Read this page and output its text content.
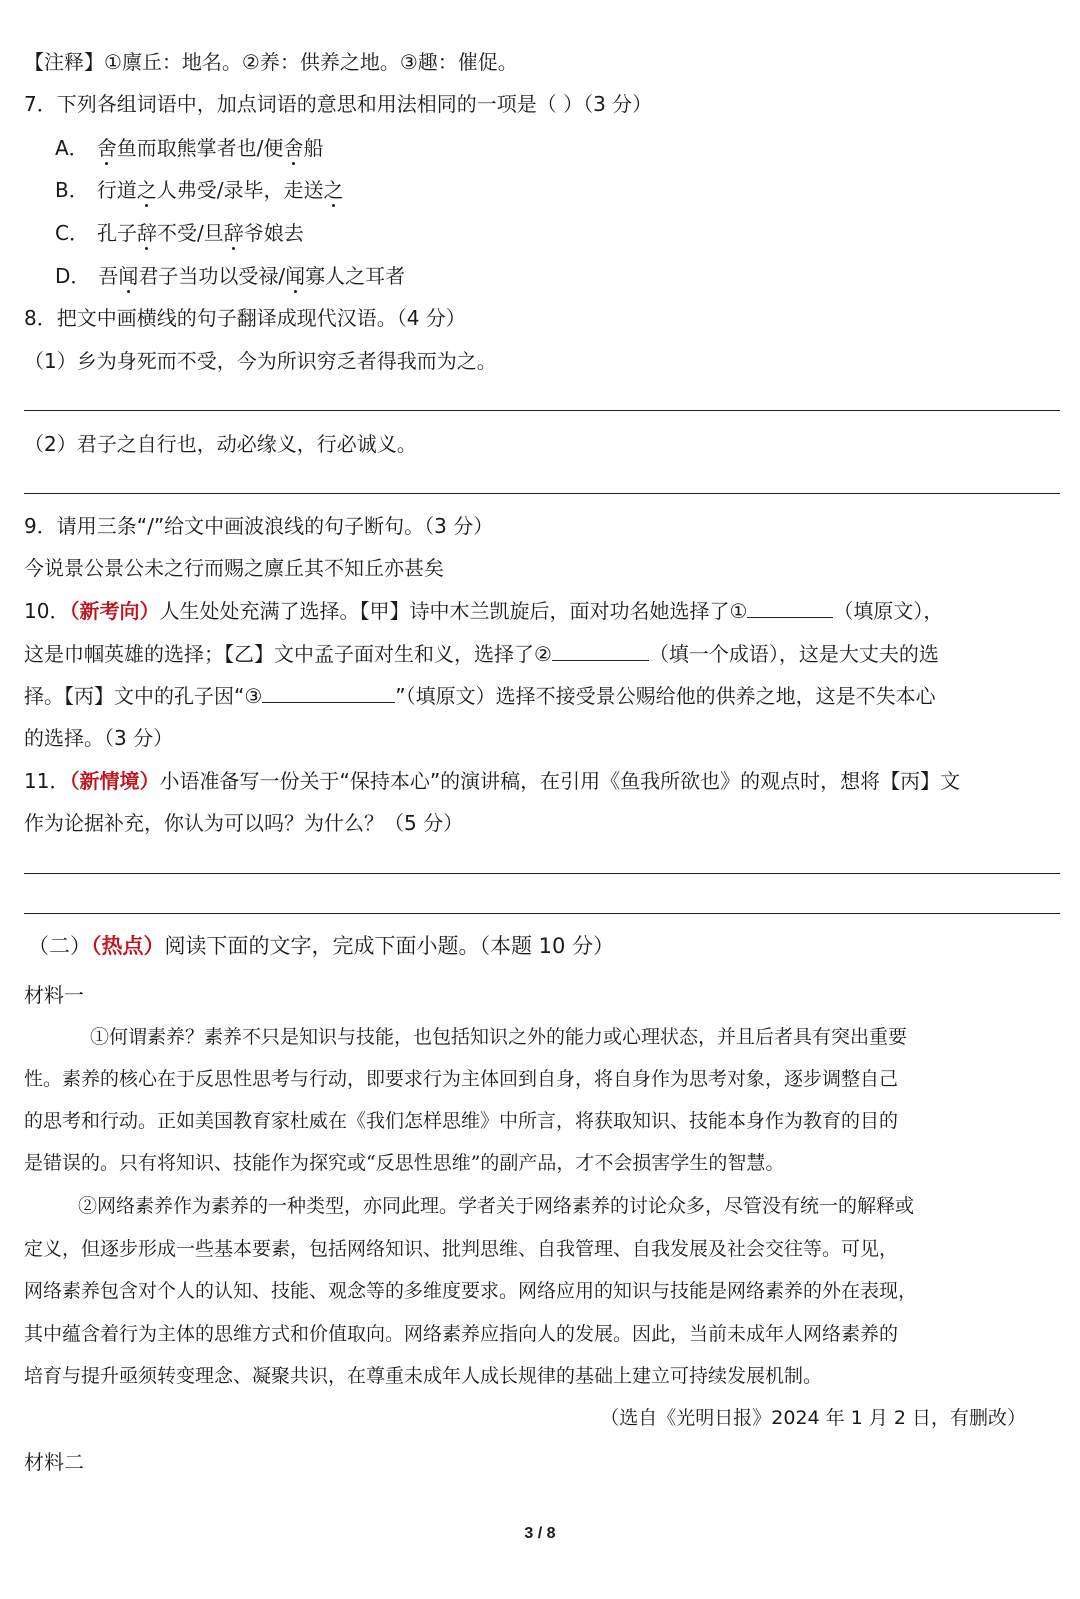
【注释】①廪丘：地名。②养：供养之地。③趣：催促。
7．下列各组词语中，加点词语的意思和用法相同的一项是（ ）（3 分）
A． 舍鱼而取熊掌者也/便舍船
B． 行道之人弗受/录毕，走送之
C． 孔子辞不受/旦辞爷娘去
D． 吾闻君子当功以受禄/闻寡人之耳者
8．把文中画横线的句子翻译成现代汉语。（4 分）
（1）乡为身死而不受，今为所识穷乏者得我而为之。
（2）君子之自行也，动必缘义，行必诚义。
9．请用三条“/”给文中画波浪线的句子断句。（3 分）
今说景公景公未之行而赐之廪丘其不知丘亦甚矣
10．（新考向）人生处处充满了选择。【甲】诗中木兰凯旋后，面对功名她选择了①	（填原文），
这是巾帼英雄的选择；【乙】文中孟子面对生和义，选择了②	（填一个成语），这是大丈夫的选
择。【丙】文中的孔子因“③	”（填原文）选择不接受景公赐给他的供养之地，这是不失本心
的选择。（3 分）
11．（新情境）小语准备写一份关于“保持本心”的演讲稿，在引用《鱼我所欲也》的观点时，想将【丙】文
作为论据补充，你认为可以吗？为什么？（5 分）
（二）（热点）阅读下面的文字，完成下面小题。（本题 10 分）
材料一
①何谓素养？素养不只是知识与技能，也包括知识之外的能力或心理状态，并且后者具有突出重要
性。素养的核心在于反思性思考与行动，即要求行为主体回到自身，将自身作为思考对象，逐步调整自己
的思考和行动。正如美国教育家杜威在《我们怎样思维》中所言，将获取知识、技能本身作为教育的目的
是错误的。只有将知识、技能作为探究或“反思性思维”的副产品，才不会损害学生的智慧。
②网络素养作为素养的一种类型，亦同此理。学者关于网络素养的讨论众多，尽管没有统一的解释或
定义，但逐步形成一些基本要素，包括网络知识、批判思维、自我管理、自我发展及社会交往等。可见，
网络素养包含对个人的认知、技能、观念等的多维度要求。网络应用的知识与技能是网络素养的外在表现，
其中蕴含着行为主体的思维方式和价值取向。网络素养应指向人的发展。因此，当前未成年人网络素养的
培育与提升亟须转变理念、凝聚共识，在尊重未成年人成长规律的基础上建立可持续发展机制。
（选自《光明日报》2024 年 1 月 2 日，有删改）
材料二
3 / 8
